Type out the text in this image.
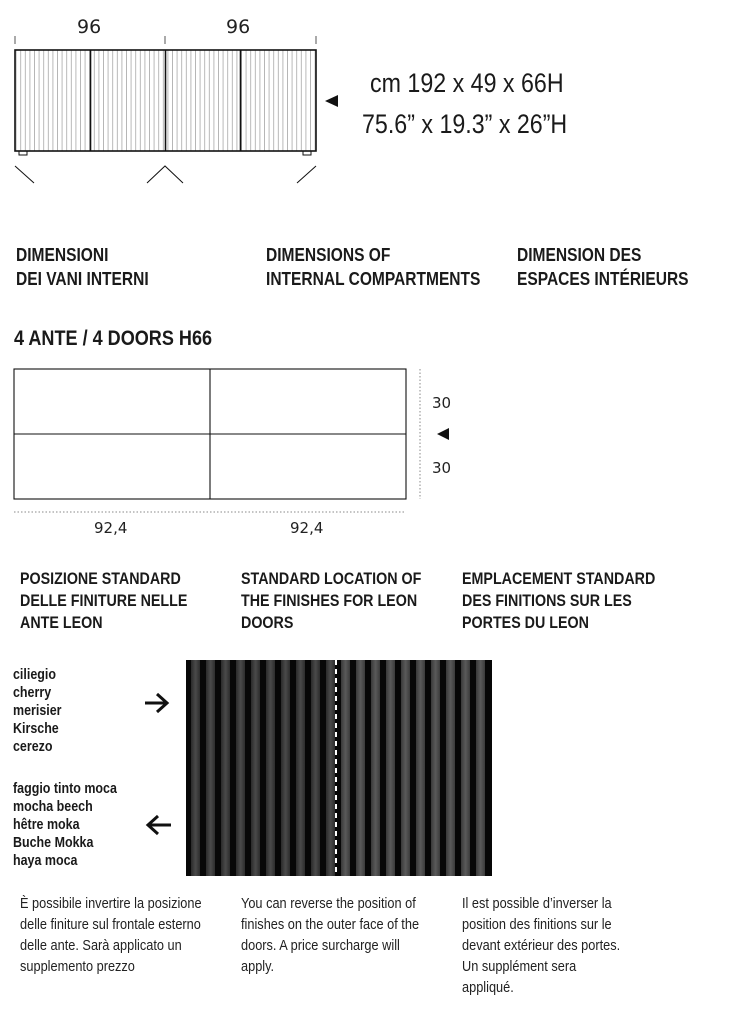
96	96
cm 192 x 49 x 66H
75.6” x 19.3” x 26”H
DIMENSIONI
DEI VANI INTERNI
DIMENSIONS OF
INTERNAL COMPARTMENTS
DIMENSION DES
ESPACES INTÉRIEURS
4 ANTE / 4 DOORS H66
30
30
92,4	92,4
POSIZIONE STANDARD
DELLE FINITURE NELLE
ANTE LEON
STANDARD LOCATION OF
THE FINISHES FOR LEON
DOORS
EMPLACEMENT STANDARD
DES FINITIONS SUR LES
PORTES DU LEON
ciliegio
cherry
merisier
Kirsche
cerezo
faggio tinto moca
mocha beech
hêtre moka
Buche Mokka
haya moca
È possibile invertire la posizione
delle finiture sul frontale esterno
delle ante. Sarà applicato un
supplemento prezzo
You can reverse the position of
finishes on the outer face of the
doors. A price surcharge will
apply.
Il est possible d’inverser la
position des finitions sur le
devant extérieur des portes.
Un supplément sera
appliqué.
